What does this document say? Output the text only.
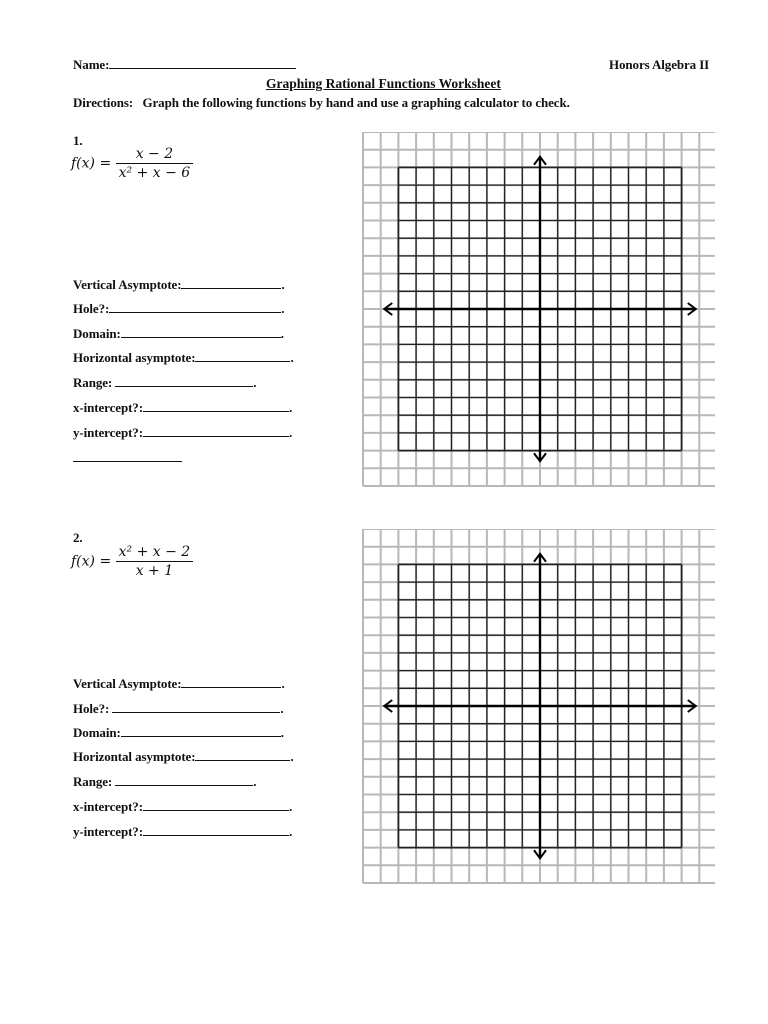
Name:	Honors Algebra II
Graphing Rational Functions Worksheet
Directions:   Graph the following functions by hand and use a graphing calculator to check.
1.
$f(x) = \frac{x - 2}{\text{x² + x − 6}}$
Vertical Asymptote:	.
Hole?:	.
Domain:	.
Horizontal asymptote:	.
Range:	.
x-intercept?:	.
y-intercept?:	.
2.
$f(x) = \frac{\text{x² + x − 2}}{x + 1}$
Vertical Asymptote:	.
Hole?:	.
Domain:	.
Horizontal asymptote:	.
Range:	.
x-intercept?:	.
y-intercept?:	.
